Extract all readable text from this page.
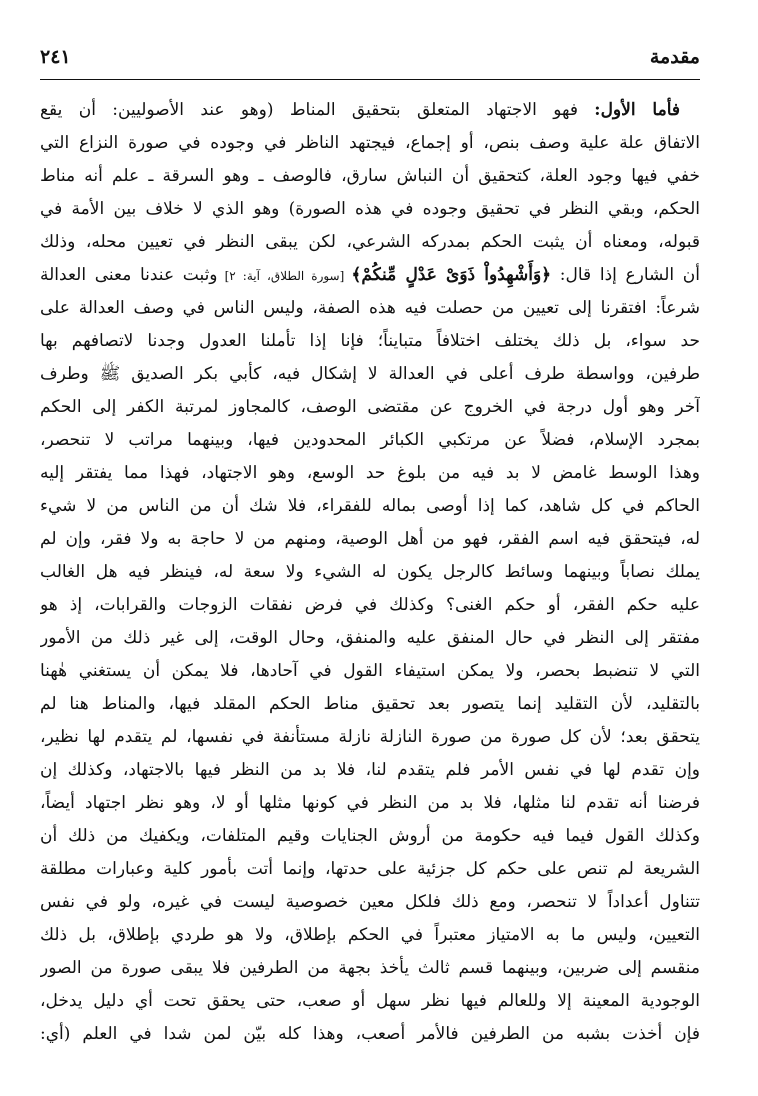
مقدمة
٢٤١
فأما الأول: فهو الاجتهاد المتعلق بتحقيق المناط (وهو عند الأصوليين: أن يقع
الاتفاق علة علية وصف بنص، أو إجماع، فيجتهد الناظر في وجوده في صورة النزاع التي
خفي فيها وجود العلة، كتحقيق أن النباش سارق، فالوصف ـ وهو السرقة ـ علم أنه مناط
الحكم، وبقي النظر في تحقيق وجوده في هذه الصورة) وهو الذي لا خلاف بين الأمة في
قبوله، ومعناه أن يثبت الحكم بمدركه الشرعي، لكن يبقى النظر في تعيين محله، وذلك
أن الشارع إذا قال: ﴿وَأَشْهِدُواْ ذَوَىْ عَدْلٍ مِّنكُمْ﴾ [سورة الطلاق، آية: ٢] وثبت عندنا معنى العدالة
شرعاً: افتقرنا إلى تعيين من حصلت فيه هذه الصفة، وليس الناس في وصف العدالة على
حد سواء، بل ذلك يختلف اختلافاً متبايناً؛ فإنا إذا تأملنا العدول وجدنا لاتصافهم بها
طرفين، وواسطة طرف أعلى في العدالة لا إشكال فيه، كأبي بكر الصديق ﷺ وطرف
آخر وهو أول درجة في الخروج عن مقتضى الوصف، كالمجاوز لمرتبة الكفر إلى الحكم
بمجرد الإسلام، فضلاً عن مرتكبي الكبائر المحدودين فيها، وبينهما مراتب لا تنحصر،
وهذا الوسط غامض لا بد فيه من بلوغ حد الوسع، وهو الاجتهاد، فهذا مما يفتقر إليه
الحاكم في كل شاهد، كما إذا أوصى بماله للفقراء، فلا شك أن من الناس من لا شيء
له، فيتحقق فيه اسم الفقر، فهو من أهل الوصية، ومنهم من لا حاجة به ولا فقر، وإن لم
يملك نصاباً وبينهما وسائط كالرجل يكون له الشيء ولا سعة له، فينظر فيه هل الغالب
عليه حكم الفقر، أو حكم الغنى؟ وكذلك في فرض نفقات الزوجات والقرابات، إذ هو
مفتقر إلى النظر في حال المنفق عليه والمنفق، وحال الوقت، إلى غير ذلك من الأمور
التي لا تنضبط بحصر، ولا يمكن استيفاء القول في آحادها، فلا يمكن أن يستغني هٰهنا
بالتقليد، لأن التقليد إنما يتصور بعد تحقيق مناط الحكم المقلد فيها، والمناط هنا لم
يتحقق بعد؛ لأن كل صورة من صورة النازلة نازلة مستأنفة في نفسها، لم يتقدم لها نظير،
وإن تقدم لها في نفس الأمر فلم يتقدم لنا، فلا بد من النظر فيها بالاجتهاد، وكذلك إن
فرضنا أنه تقدم لنا مثلها، فلا بد من النظر في كونها مثلها أو لا، وهو نظر اجتهاد أيضاً،
وكذلك القول فيما فيه حكومة من أروش الجنايات وقيم المتلفات، ويكفيك من ذلك أن
الشريعة لم تنص على حكم كل جزئية على حدتها، وإنما أتت بأمور كلية وعبارات مطلقة
تتناول أعداداً لا تنحصر، ومع ذلك فلكل معين خصوصية ليست في غيره، ولو في نفس
التعيين، وليس ما به الامتياز معتبراً في الحكم بإطلاق، ولا هو طردي بإطلاق، بل ذلك
منقسم إلى ضربين، وبينهما قسم ثالث يأخذ بجهة من الطرفين فلا يبقى صورة من الصور
الوجودية المعينة إلا وللعالم فيها نظر سهل أو صعب، حتى يحقق تحت أي دليل يدخل،
فإن أخذت بشبه من الطرفين فالأمر أصعب، وهذا كله بيّن لمن شدا في العلم (أي:
